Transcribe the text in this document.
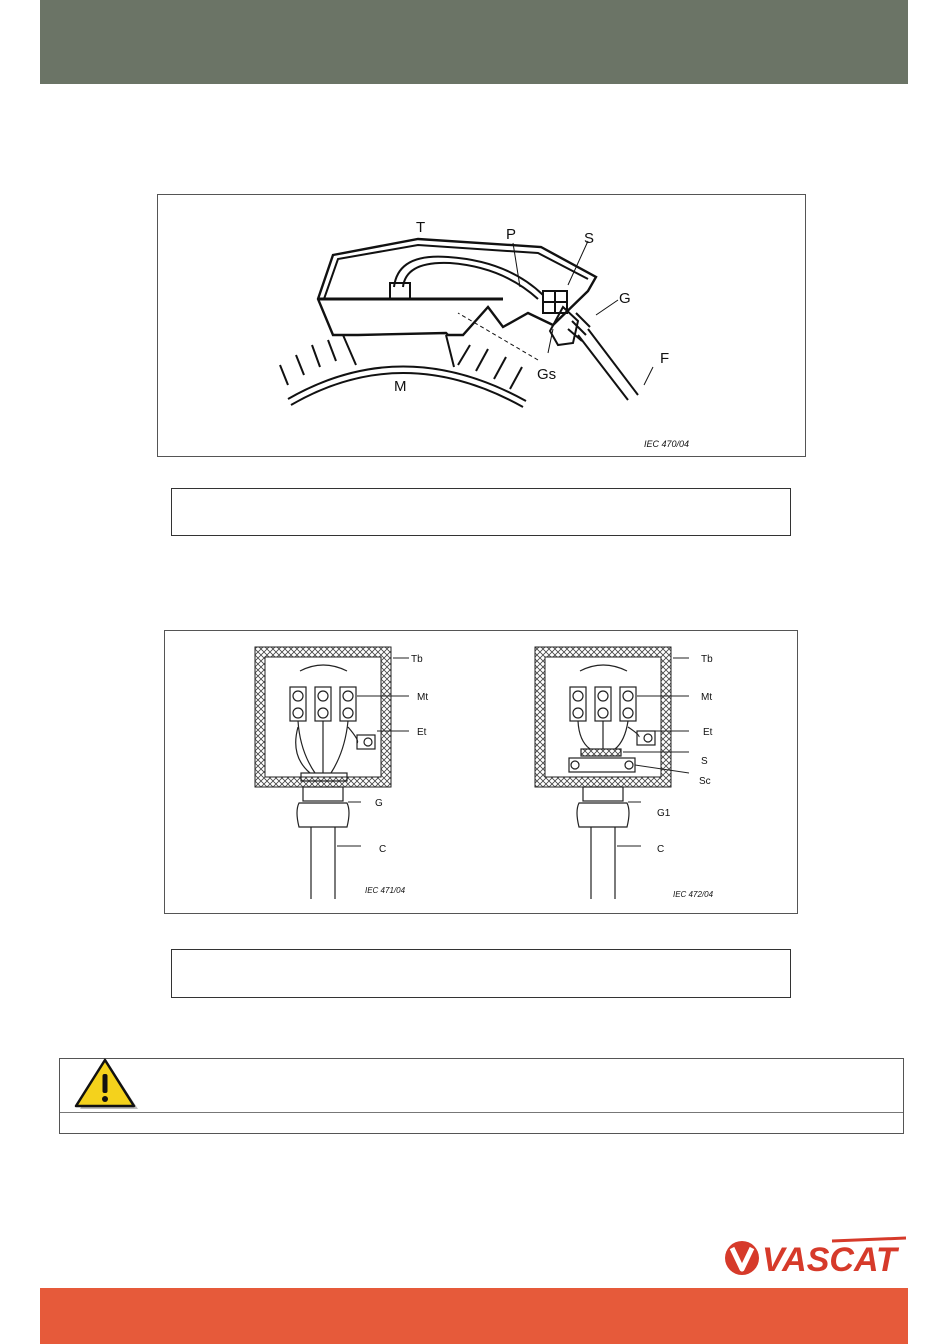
T	P	S
G
F
Gs
M
IEC 470/04
Tb
Mt
Et
G
C
IEC 471/04
Tb
Mt
Et
S
Sc
G1
C
IEC 472/04
VASCAT
